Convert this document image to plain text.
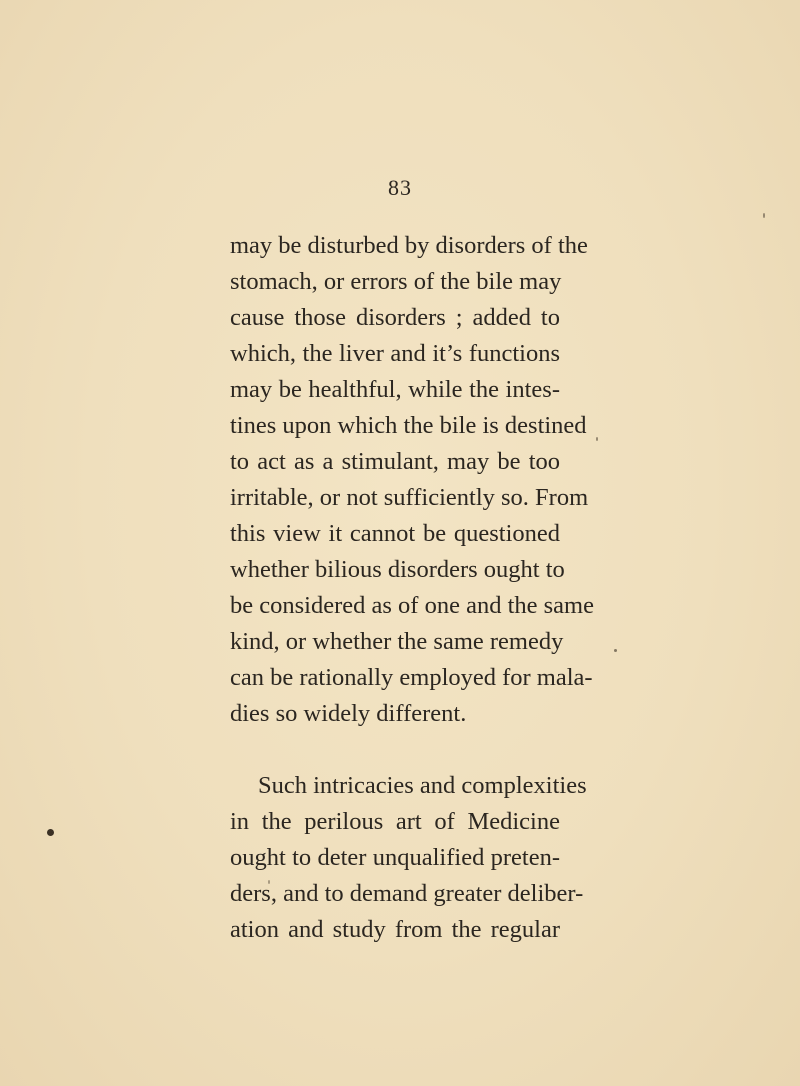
83
may be disturbed by disorders of the
stomach, or errors of the bile may
cause those disorders ; added to
which, the liver and it’s functions
may be healthful, while the intes-
tines upon which the bile is destined
to act as a stimulant, may be too
irritable, or not sufficiently so. From
this view it cannot be questioned
whether bilious disorders ought to
be considered as of one and the same
kind, or whether the same remedy
can be rationally employed for mala-
dies so widely different.
Such intricacies and complexities
in the perilous art of Medicine
ought to deter unqualified preten-
ders, and to demand greater deliber-
ation and study from the regular
